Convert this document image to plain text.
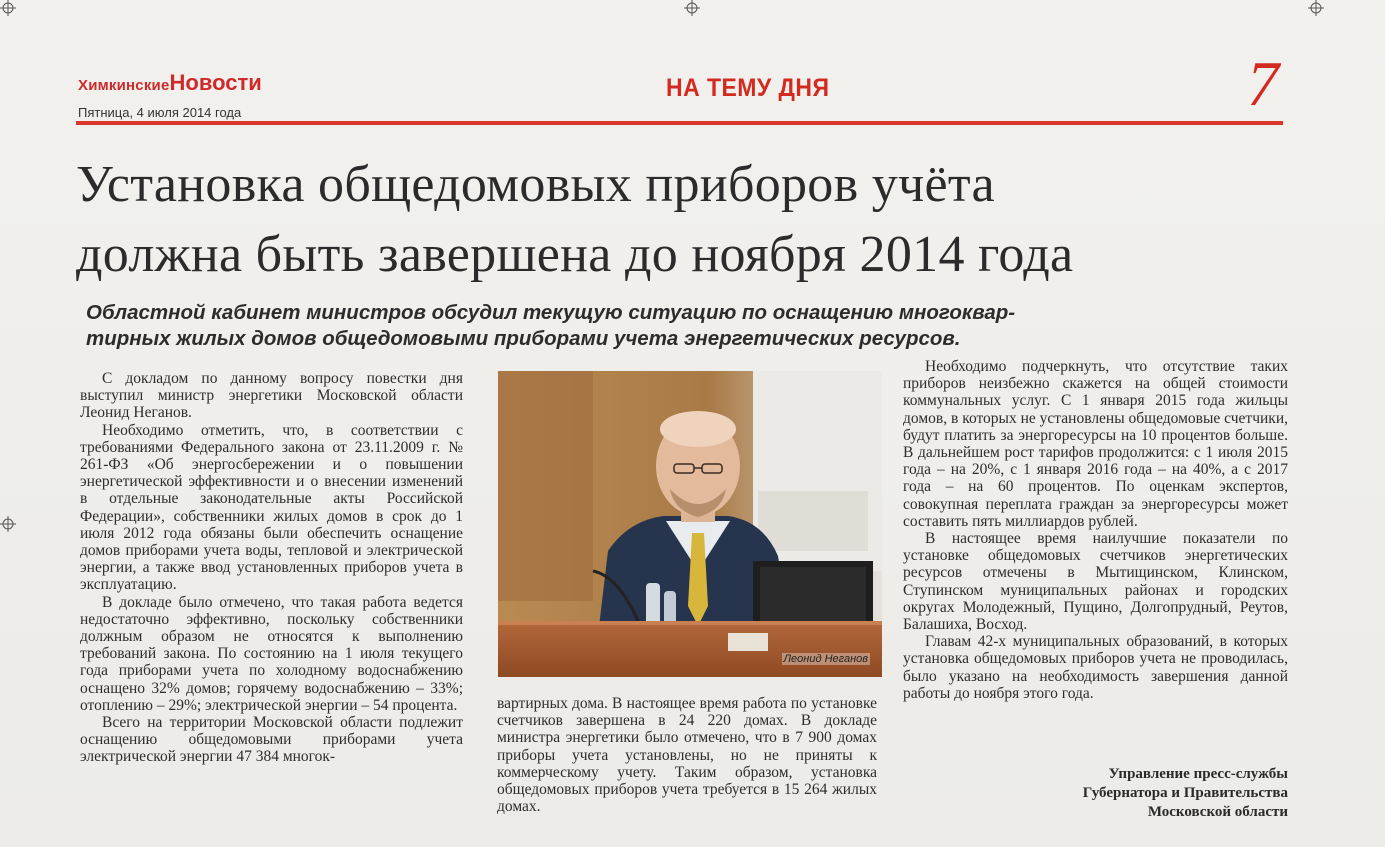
ХимкинскиеНовости
Пятница, 4 июля 2014 года
НА ТЕМУ ДНЯ	7
Установка общедомовых приборов учёта
должна быть завершена до ноября 2014 года
Областной кабинет министров обсудил текущую ситуацию по оснащению многоквар-
тирных жилых домов общедомовыми приборами учета энергетических ресурсов.

С докладом по данному вопросу повестки дня выступил министр энергетики Московской области Леонид Неганов.

Необходимо отметить, что, в соответствии с требованиями Федерального закона от 23.11.2009 г. № 261-ФЗ «Об энергосбережении и о повышении энергетической эффективности и о внесении изменений в отдельные законодательные акты Российской Федерации», собственники жилых домов в срок до 1 июля 2012 года обязаны были обеспечить оснащение домов приборами учета воды, тепловой и электрической энергии, а также ввод установленных приборов учета в эксплуатацию.

В докладе было отмечено, что такая работа ведется недостаточно эффективно, поскольку собственники должным образом не относятся к выполнению требований закона. По состоянию на 1 июля текущего года приборами учета по холодному водоснабжению оснащено 32% домов; горячему водоснабжению – 33%; отоплению – 29%; электрической энергии – 54 процента.

Всего на территории Московской области подлежит оснащению общедомовыми приборами учета электрической энергии 47 384 многок-

Леонид Неганов

вартирных дома. В настоящее время работа по установке счетчиков завершена в 24 220 домах. В докладе министра энергетики было отмечено, что в 7 900 домах приборы учета установлены, но не приняты к коммерческому учету. Таким образом, установка общедомовых приборов учета требуется в 15 264 жилых домах.

Необходимо подчеркнуть, что отсутствие таких приборов неизбежно скажется на общей стоимости коммунальных услуг. С 1 января 2015 года жильцы домов, в которых не установлены общедомовые счетчики, будут платить за энергоресурсы на 10 процентов больше. В дальнейшем рост тарифов продолжится: с 1 июля 2015 года – на 20%, с 1 января 2016 года – на 40%, а с 2017 года – на 60 процентов. По оценкам экспертов, совокупная переплата граждан за энергоресурсы может составить пять миллиардов рублей.

В настоящее время наилучшие показатели по установке общедомовых счетчиков энергетических ресурсов отмечены в Мытищинском, Клинском, Ступинском муниципальных районах и городских округах Молодежный, Пущино, Долгопрудный, Реутов, Балашиха, Восход.

Главам 42-х муниципальных образований, в которых установка общедомовых приборов учета не проводилась, было указано на необходимость завершения данной работы до ноября этого года.

Управление пресс-службы
Губернатора и Правительства
Московской области
